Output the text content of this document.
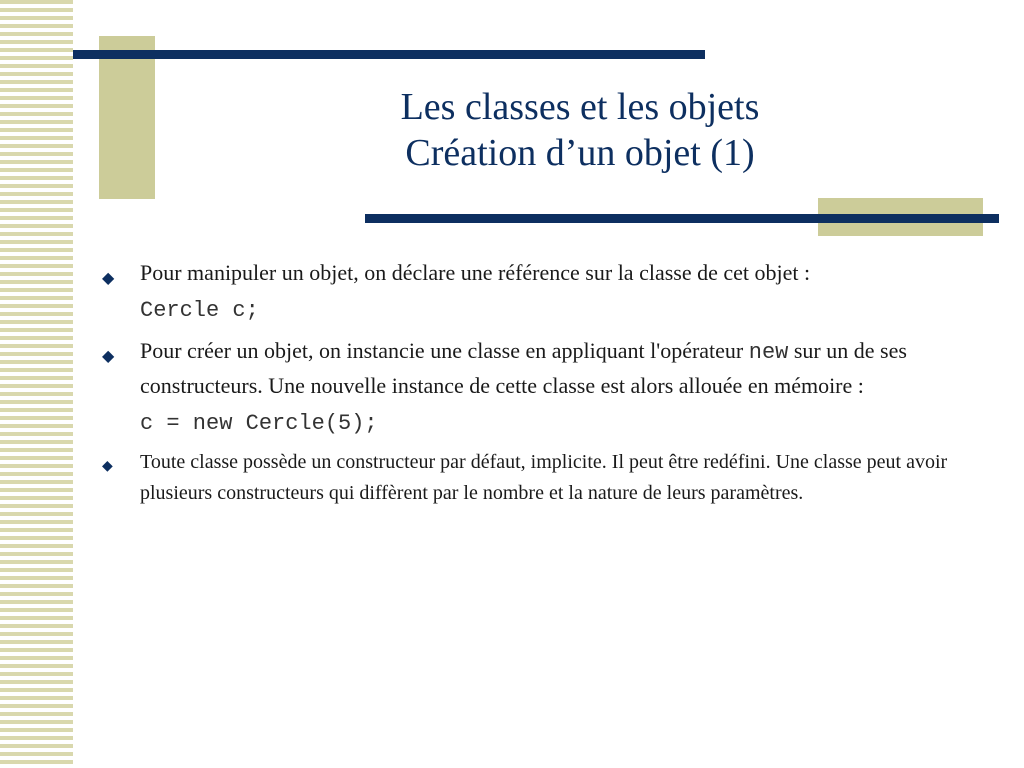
Les classes et les objets
Création d’un objet (1)
◆ Pour manipuler un objet, on déclare une référence sur la classe de cet objet :
Cercle c;
◆ Pour créer un objet, on instancie une classe en appliquant l'opérateur new sur un de ses constructeurs. Une nouvelle instance de cette classe est alors allouée en mémoire :
c = new Cercle(5);
◆ Toute classe possède un constructeur par défaut, implicite. Il peut être redéfini. Une classe peut avoir plusieurs constructeurs qui diffèrent par le nombre et la nature de leurs paramètres.
